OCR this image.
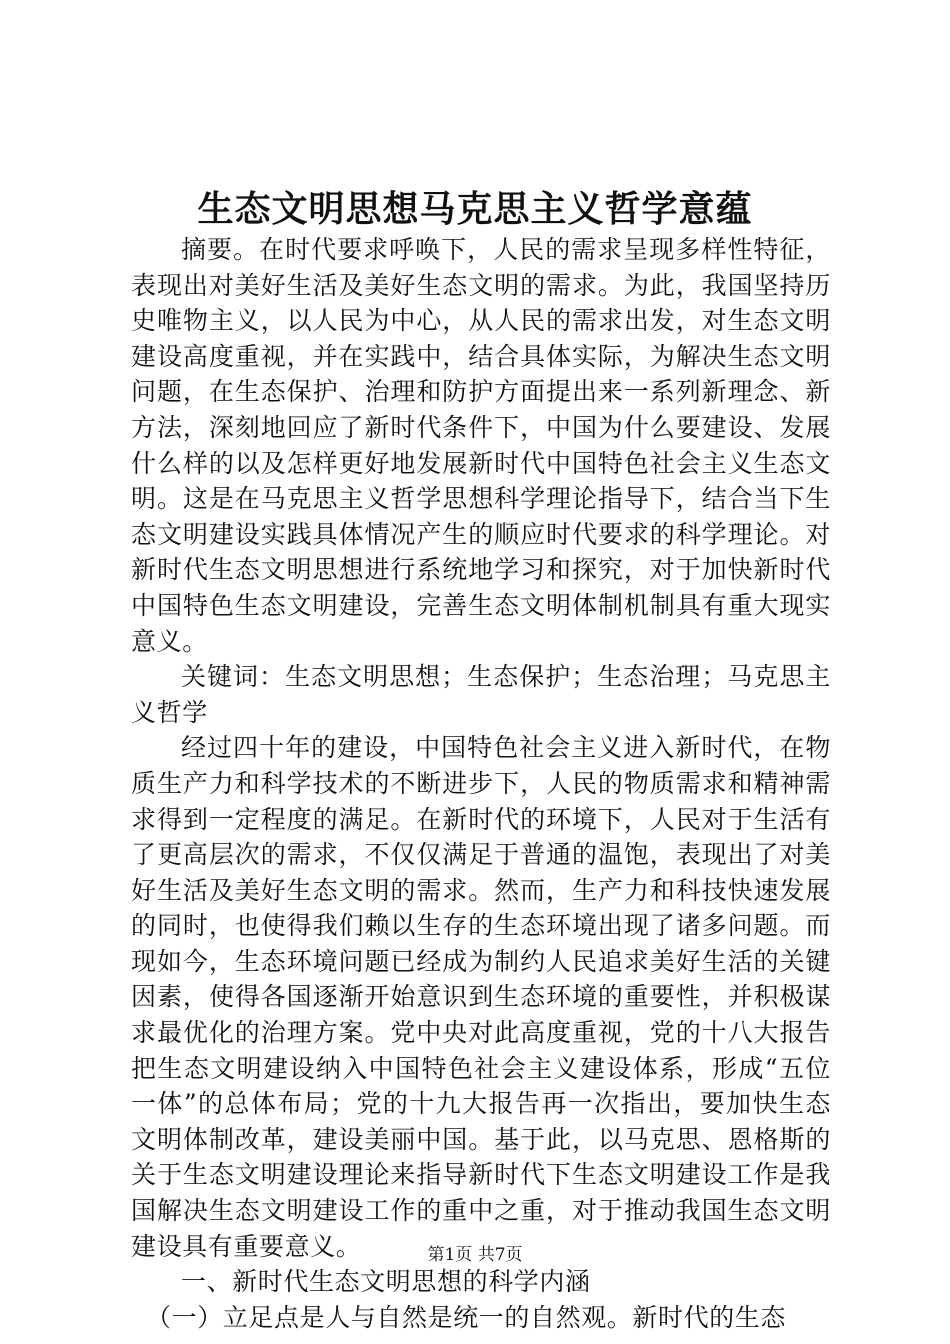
生态文明思想马克思主义哲学意蕴

摘要。在时代要求呼唤下，人民的需求呈现多样性特征，表现出对美好生活及美好生态文明的需求。为此，我国坚持历史唯物主义，以人民为中心，从人民的需求出发，对生态文明建设高度重视，并在实践中，结合具体实际，为解决生态文明问题，在生态保护、治理和防护方面提出来一系列新理念、新方法，深刻地回应了新时代条件下，中国为什么要建设、发展什么样的以及怎样更好地发展新时代中国特色社会主义生态文明。这是在马克思主义哲学思想科学理论指导下，结合当下生态文明建设实践具体情况产生的顺应时代要求的科学理论。对新时代生态文明思想进行系统地学习和探究，对于加快新时代中国特色生态文明建设，完善生态文明体制机制具有重大现实意义。

关键词：生态文明思想；生态保护；生态治理；马克思主义哲学

经过四十年的建设，中国特色社会主义进入新时代，在物质生产力和科学技术的不断进步下，人民的物质需求和精神需求得到一定程度的满足。在新时代的环境下，人民对于生活有了更高层次的需求，不仅仅满足于普通的温饱，表现出了对美好生活及美好生态文明的需求。然而，生产力和科技快速发展的同时，也使得我们赖以生存的生态环境出现了诸多问题。而现如今，生态环境问题已经成为制约人民追求美好生活的关键因素，使得各国逐渐开始意识到生态环境的重要性，并积极谋求最优化的治理方案。党中央对此高度重视，党的十八大报告把生态文明建设纳入中国特色社会主义建设体系，形成“五位一体”的总体布局；党的十九大报告再一次指出，要加快生态文明体制改革，建设美丽中国。基于此，以马克思、恩格斯的关于生态文明建设理论来指导新时代下生态文明建设工作是我国解决生态文明建设工作的重中之重，对于推动我国生态文明建设具有重要意义。

一、新时代生态文明思想的科学内涵

（一）立足点是人与自然是统一的自然观。新时代的生态

第1页 共7页
